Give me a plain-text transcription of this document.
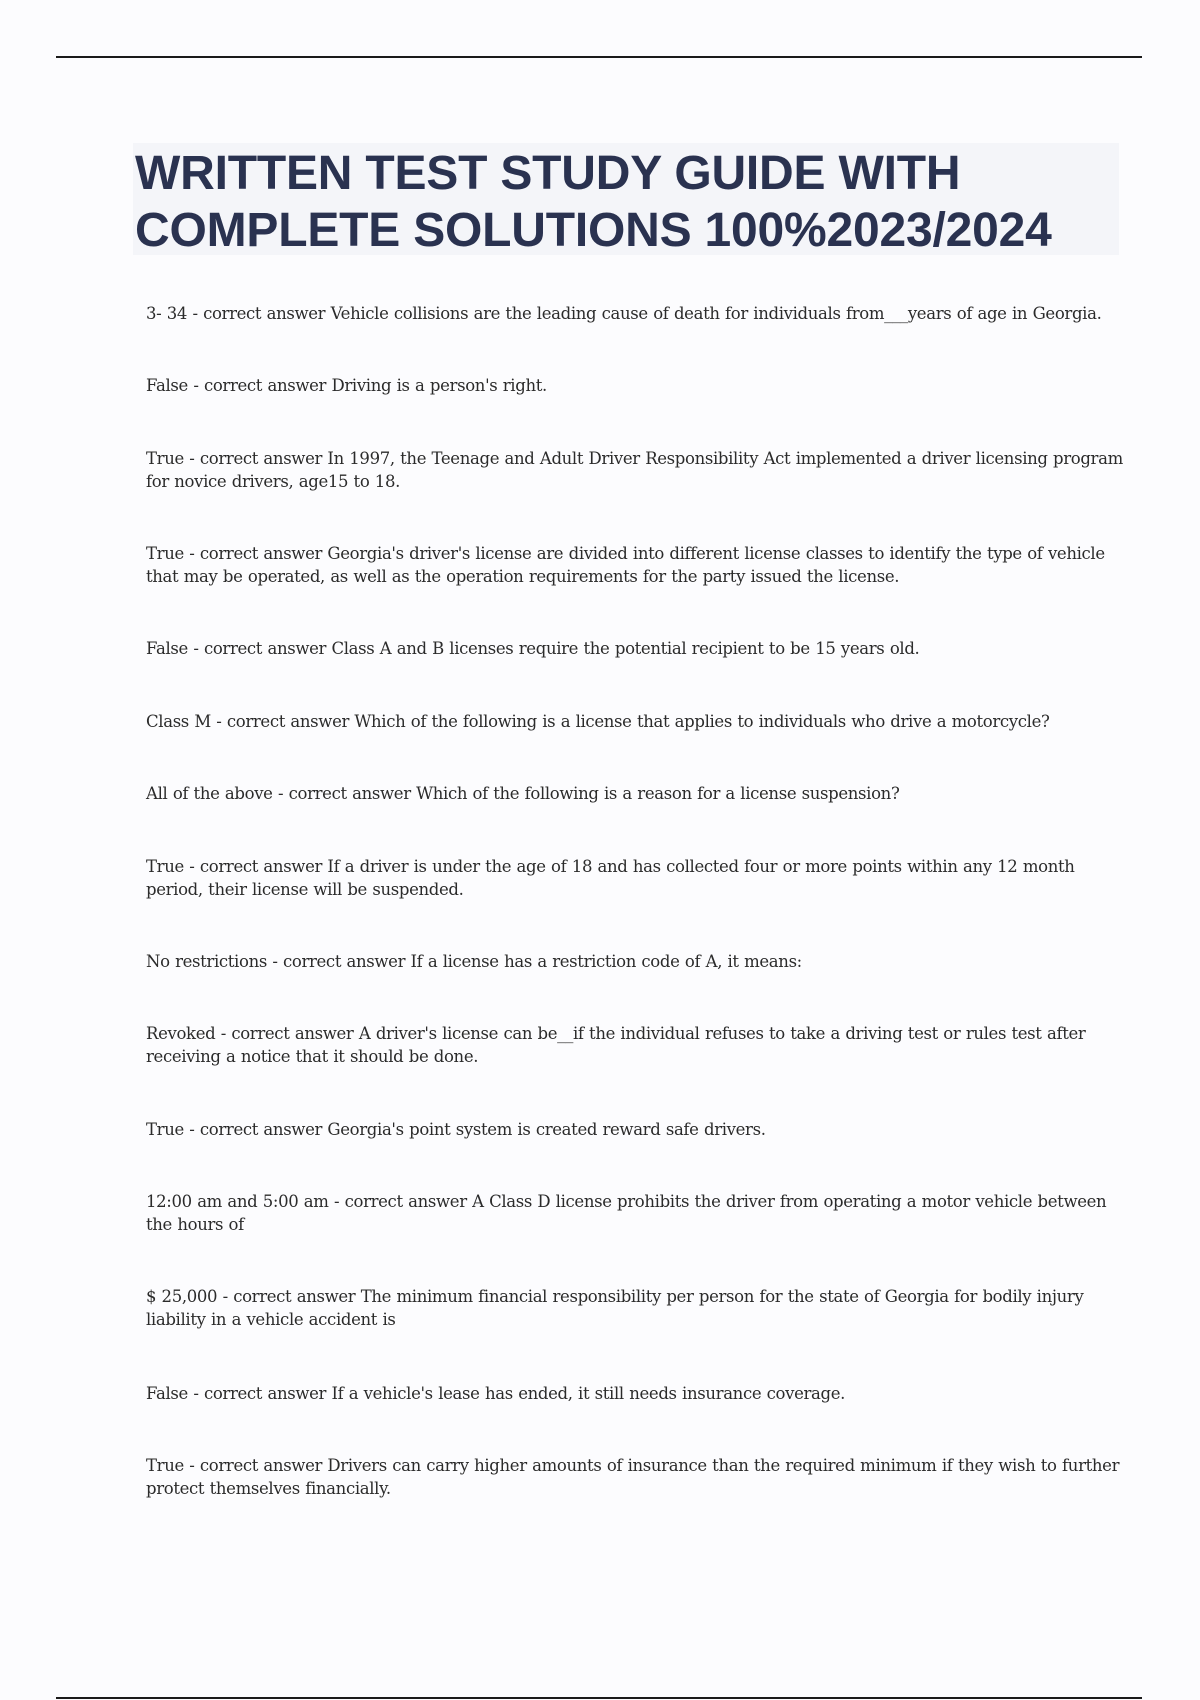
WRITTEN TEST STUDY GUIDE WITH COMPLETE SOLUTIONS 100%2023/2024
3- 34 - correct answer Vehicle collisions are the leading cause of death for individuals from___years of age in Georgia.
False - correct answer Driving is a person's right.
True - correct answer In 1997, the Teenage and Adult Driver Responsibility Act implemented a driver licensing program for novice drivers, age15 to 18.
True - correct answer Georgia's driver's license are divided into different license classes to identify the type of vehicle that may be operated, as well as the operation requirements for the party issued the license.
False - correct answer Class A and B licenses require the potential recipient to be 15 years old.
Class M - correct answer Which of the following is a license that applies to individuals who drive a motorcycle?
All of the above - correct answer Which of the following is a reason for a license suspension?
True - correct answer If a driver is under the age of 18 and has collected four or more points within any 12 month period, their license will be suspended.
No restrictions - correct answer If a license has a restriction code of A, it means:
Revoked - correct answer A driver's license can be__if the individual refuses to take a driving test or rules test after receiving a notice that it should be done.
True - correct answer Georgia's point system is created reward safe drivers.
12:00 am and 5:00 am - correct answer A Class D license prohibits the driver from operating a motor vehicle between the hours of
$ 25,000 - correct answer The minimum financial responsibility per person for the state of Georgia for bodily injury liability in a vehicle accident is
False - correct answer If a vehicle's lease has ended, it still needs insurance coverage.
True - correct answer Drivers can carry higher amounts of insurance than the required minimum if they wish to further protect themselves financially.
